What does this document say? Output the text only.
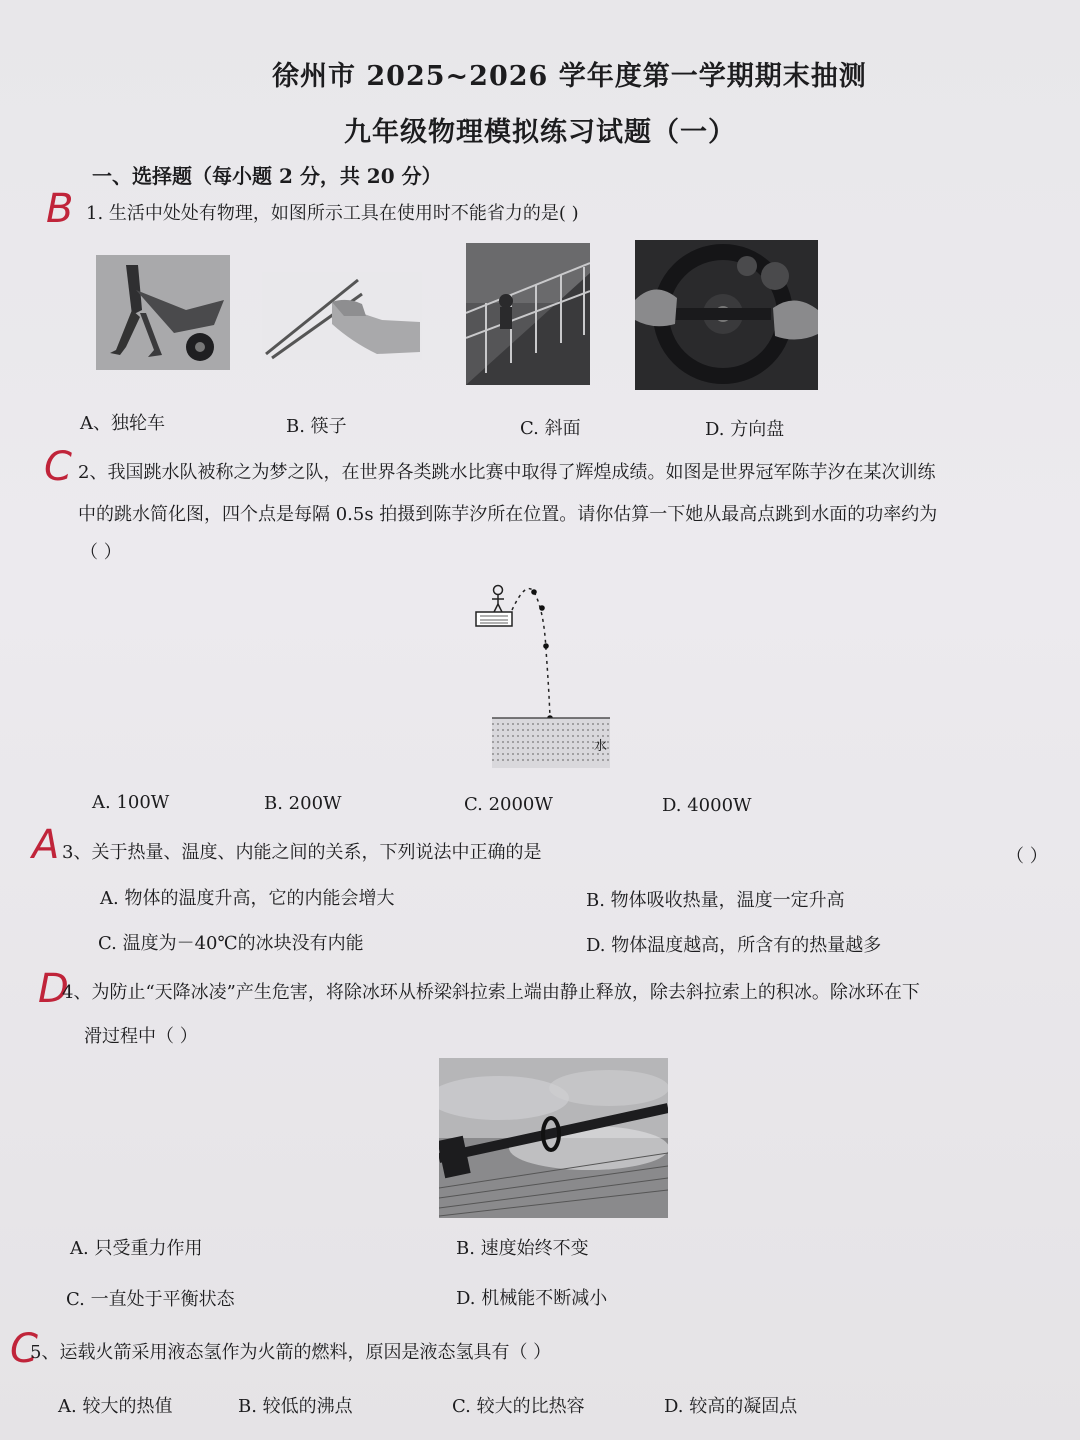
徐州市 2025~2026 学年度第一学期期末抽测
九年级物理模拟练习试题（一）
一、选择题（每小题 2 分，共 20 分）
B 1. 生活中处处有物理，如图所示工具在使用时不能省力的是( )
A、独轮车	B. 筷子	C. 斜面	D. 方向盘
C 2、我国跳水队被称之为梦之队，在世界各类跳水比赛中取得了辉煌成绩。如图是世界冠军陈芋汐在某次训练
中的跳水简化图，四个点是每隔 0.5s 拍摄到陈芋汐所在位置。请你估算一下她从最高点跳到水面的功率约为
（ ）
水
A. 100W	B. 200W	C. 2000W	D. 4000W
A 3、关于热量、温度、内能之间的关系，下列说法中正确的是	（ ）
A. 物体的温度升高，它的内能会增大	B. 物体吸收热量，温度一定升高
C. 温度为－40℃的冰块没有内能	D. 物体温度越高，所含有的热量越多
D
4、为防止“天降冰凌”产生危害，将除冰环从桥梁斜拉索上端由静止释放，除去斜拉索上的积冰。除冰环在下
滑过程中（ ）
A. 只受重力作用	B. 速度始终不变
C. 一直处于平衡状态	D. 机械能不断减小
C
5、运载火箭采用液态氢作为火箭的燃料，原因是液态氢具有（ ）
A. 较大的热值	B. 较低的沸点	C. 较大的比热容	D. 较高的凝固点
